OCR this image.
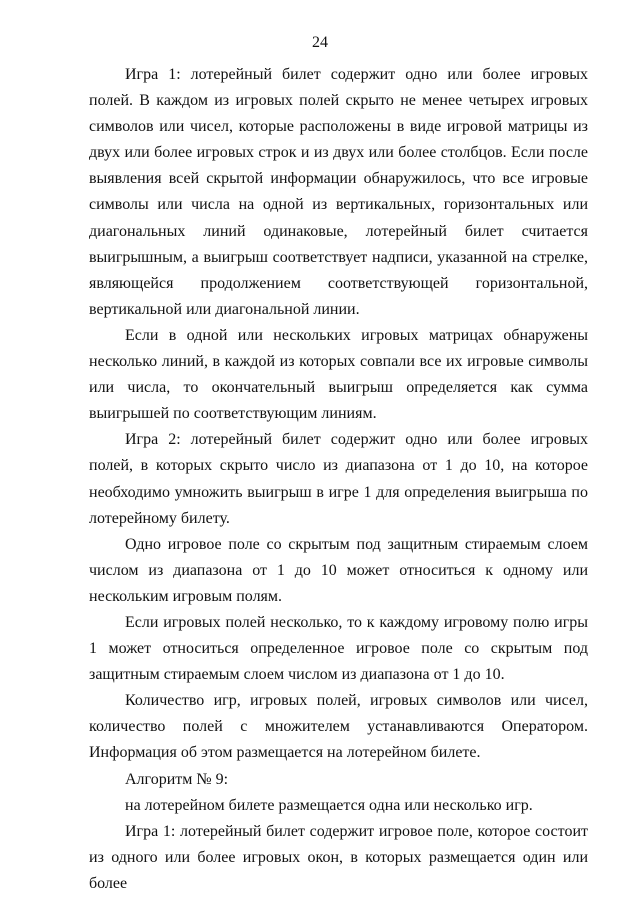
24

Игра 1: лотерейный билет содержит одно или более игровых полей. В каждом из игровых полей скрыто не менее четырех игровых символов или чисел, которые расположены в виде игровой матрицы из двух или более игровых строк и из двух или более столбцов. Если после выявления всей скрытой информации обнаружилось, что все игровые символы или числа на одной из вертикальных, горизонтальных или диагональных линий одинаковые, лотерейный билет считается выигрышным, а выигрыш соответствует надписи, указанной на стрелке, являющейся продолжением соответствующей горизонтальной, вертикальной или диагональной линии.

Если в одной или нескольких игровых матрицах обнаружены несколько линий, в каждой из которых совпали все их игровые символы или числа, то окончательный выигрыш определяется как сумма выигрышей по соответствующим линиям.

Игра 2: лотерейный билет содержит одно или более игровых полей, в которых скрыто число из диапазона от 1 до 10, на которое необходимо умножить выигрыш в игре 1 для определения выигрыша по лотерейному билету.

Одно игровое поле со скрытым под защитным стираемым слоем числом из диапазона от 1 до 10 может относиться к одному или нескольким игровым полям.

Если игровых полей несколько, то к каждому игровому полю игры 1 может относиться определенное игровое поле со скрытым под защитным стираемым слоем числом из диапазона от 1 до 10.

Количество игр, игровых полей, игровых символов или чисел, количество полей с множителем устанавливаются Оператором. Информация об этом размещается на лотерейном билете.

Алгоритм № 9:

на лотерейном билете размещается одна или несколько игр.

Игра 1: лотерейный билет содержит игровое поле, которое состоит из одного или более игровых окон, в которых размещается один или более
